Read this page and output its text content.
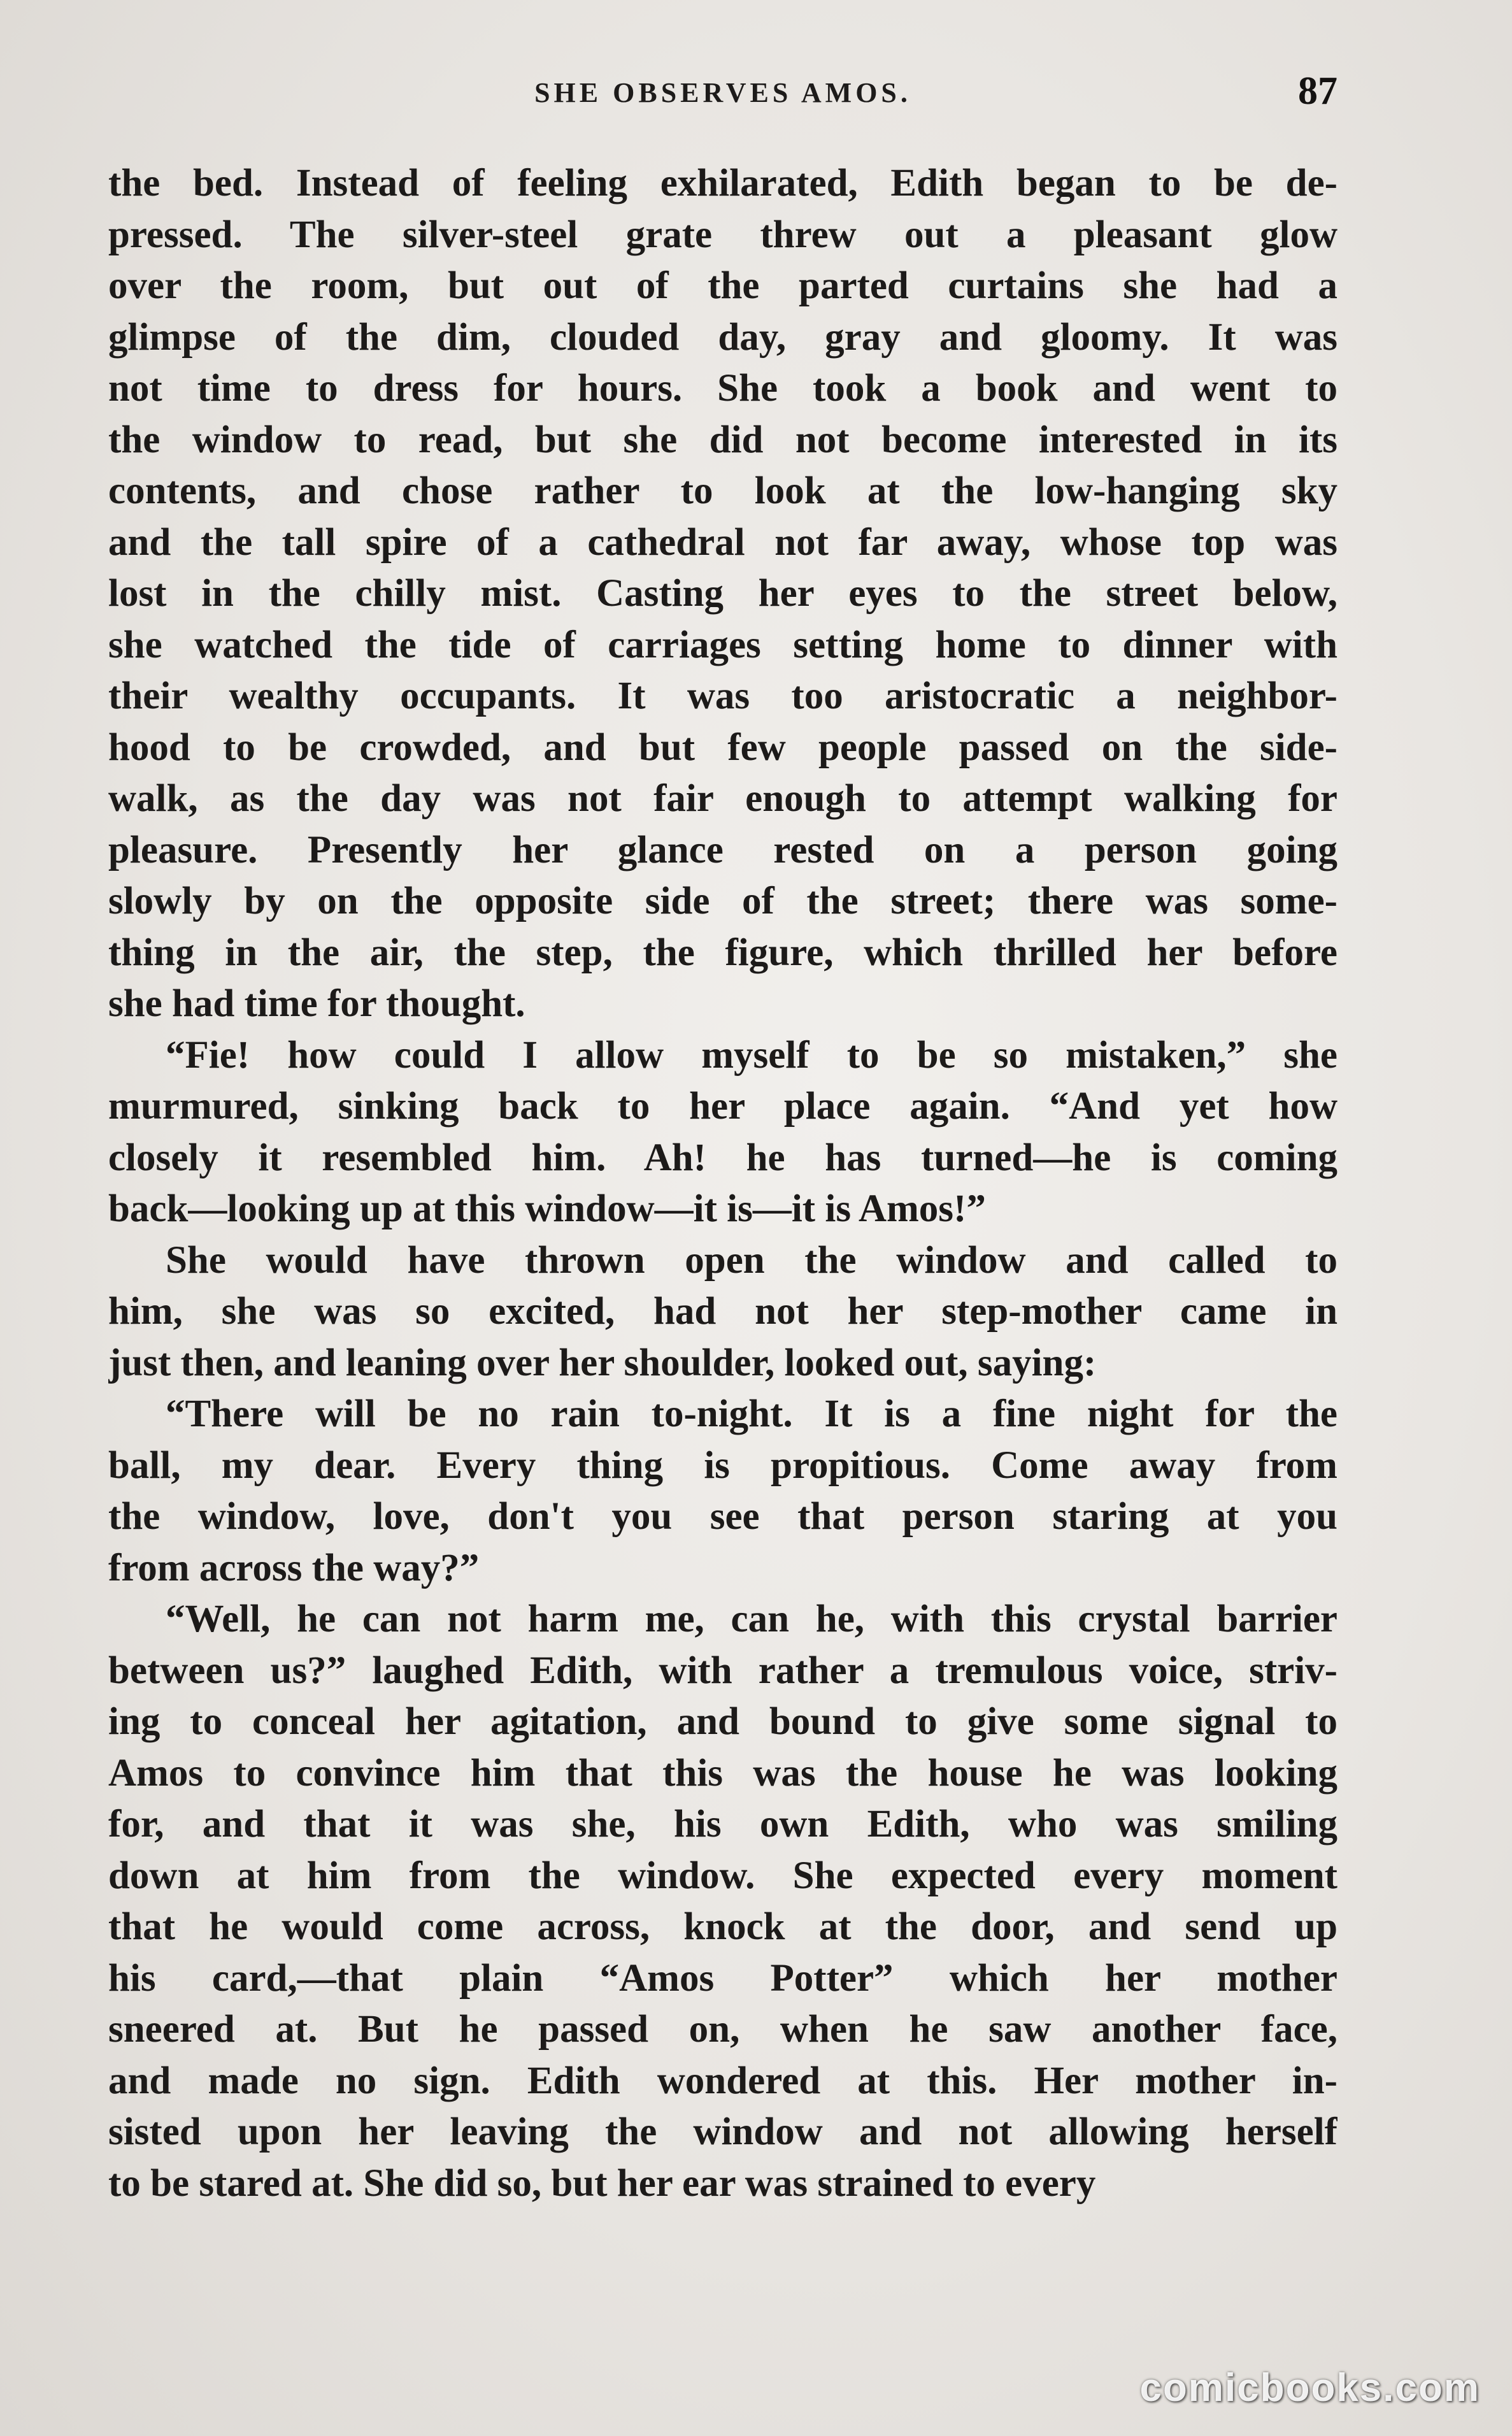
SHE OBSERVES AMOS.	87

the bed. Instead of feeling exhilarated, Edith began to be de-
pressed. The silver-steel grate threw out a pleasant glow
over the room, but out of the parted curtains she had a
glimpse of the dim, clouded day, gray and gloomy. It was
not time to dress for hours. She took a book and went to
the window to read, but she did not become interested in its
contents, and chose rather to look at the low-hanging sky
and the tall spire of a cathedral not far away, whose top was
lost in the chilly mist. Casting her eyes to the street below,
she watched the tide of carriages setting home to dinner with
their wealthy occupants. It was too aristocratic a neighbor-
hood to be crowded, and but few people passed on the side-
walk, as the day was not fair enough to attempt walking for
pleasure. Presently her glance rested on a person going
slowly by on the opposite side of the street; there was some-
thing in the air, the step, the figure, which thrilled her before
she had time for thought.

“Fie! how could I allow myself to be so mistaken,” she
murmured, sinking back to her place again. “And yet how
closely it resembled him. Ah! he has turned—he is coming
back—looking up at this window—it is—it is Amos!”

She would have thrown open the window and called to
him, she was so excited, had not her step-mother came in
just then, and leaning over her shoulder, looked out, saying:

“There will be no rain to-night. It is a fine night for the
ball, my dear. Every thing is propitious. Come away from
the window, love, don't you see that person staring at you
from across the way?”

“Well, he can not harm me, can he, with this crystal barrier
between us?” laughed Edith, with rather a tremulous voice, striv-
ing to conceal her agitation, and bound to give some signal to
Amos to convince him that this was the house he was looking
for, and that it was she, his own Edith, who was smiling
down at him from the window. She expected every moment
that he would come across, knock at the door, and send up
his card,—that plain “Amos Potter” which her mother
sneered at. But he passed on, when he saw another face,
and made no sign. Edith wondered at this. Her mother in-
sisted upon her leaving the window and not allowing herself
to be stared at. She did so, but her ear was strained to every

comicbooks.com
